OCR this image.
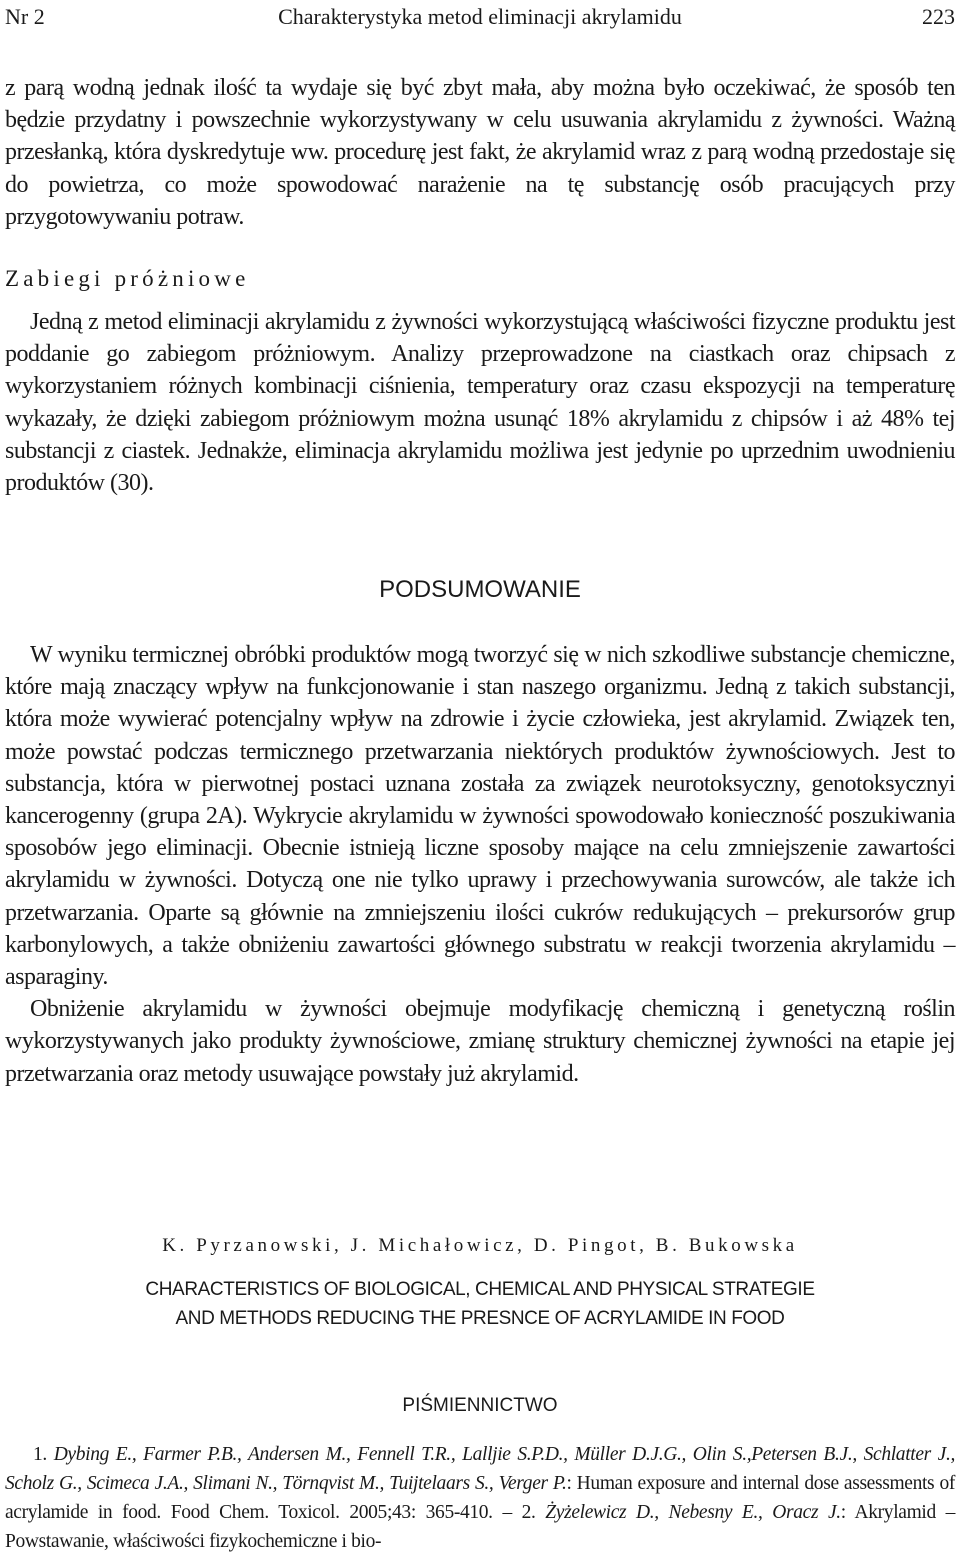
Nr 2	Charakterystyka metod eliminacji akrylamidu	223

z parą wodną jednak ilość ta wydaje się być zbyt mała, aby można było oczekiwać, że sposób ten będzie przydatny i powszechnie wykorzystywany w celu usuwania akrylamidu z żywności. Ważną przesłanką, która dyskredytuje ww. procedurę jest fakt, że akrylamid wraz z parą wodną przedostaje się do powietrza, co może spowodować narażenie na tę substancję osób pracujących przy przygotowywaniu potraw.

Zabiegi próżniowe

Jedną z metod eliminacji akrylamidu z żywności wykorzystującą właściwości fizyczne produktu jest poddanie go zabiegom próżniowym. Analizy przeprowadzone na ciastkach oraz chipsach z wykorzystaniem różnych kombinacji ciśnienia, temperatury oraz czasu ekspozycji na temperaturę wykazały, że dzięki zabiegom próżniowym można usunąć 18% akrylamidu z chipsów i aż 48% tej substancji z ciastek. Jednakże, eliminacja akrylamidu możliwa jest jedynie po uprzednim uwodnieniu produktów (30).

PODSUMOWANIE

W wyniku termicznej obróbki produktów mogą tworzyć się w nich szkodliwe substancje chemiczne, które mają znaczący wpływ na funkcjonowanie i stan naszego organizmu. Jedną z takich substancji, która może wywierać potencjalny wpływ na zdrowie i życie człowieka, jest akrylamid. Związek ten, może powstać podczas termicznego przetwarzania niektórych produktów żywnościowych. Jest to substancja, która w pierwotnej postaci uznana została za związek neurotoksyczny, genotoksycznyi kancerogenny (grupa 2A). Wykrycie akrylamidu w żywności spowodowało konieczność poszukiwania sposobów jego eliminacji. Obecnie istnieją liczne sposoby mające na celu zmniejszenie zawartości akrylamidu w żywności. Dotyczą one nie tylko uprawy i przechowywania surowców, ale także ich przetwarzania. Oparte są głównie na zmniejszeniu ilości cukrów redukujących – prekursorów grup karbonylowych, a także obniżeniu zawartości głównego substratu w reakcji tworzenia akrylamidu – asparaginy.

Obniżenie akrylamidu w żywności obejmuje modyfikację chemiczną i genetyczną roślin wykorzystywanych jako produkty żywnościowe, zmianę struktury chemicznej żywności na etapie jej przetwarzania oraz metody usuwające powstały już akrylamid.

K. Pyrzanowski, J. Michałowicz, D. Pingot, B. Bukowska
CHARACTERISTICS OF BIOLOGICAL, CHEMICAL AND PHYSICAL STRATEGIE
AND METHODS REDUCING THE PRESNCE OF ACRYLAMIDE IN FOOD
PIŚMIENNICTWO
1. Dybing E., Farmer P.B., Andersen M., Fennell T.R., Lalljie S.P.D., Müller D.J.G., Olin S.,Petersen B.J., Schlatter J., Scholz G., Scimeca J.A., Slimani N., Törnqvist M., Tuijtelaars S., Verger P.: Human exposure and internal dose assessments of acrylamide in food. Food Chem. Toxicol. 2005;43: 365-410. – 2. Żyżelewicz D., Nebesny E., Oracz J.: Akrylamid – Powstawanie, właściwości fizykochemiczne i bio-
